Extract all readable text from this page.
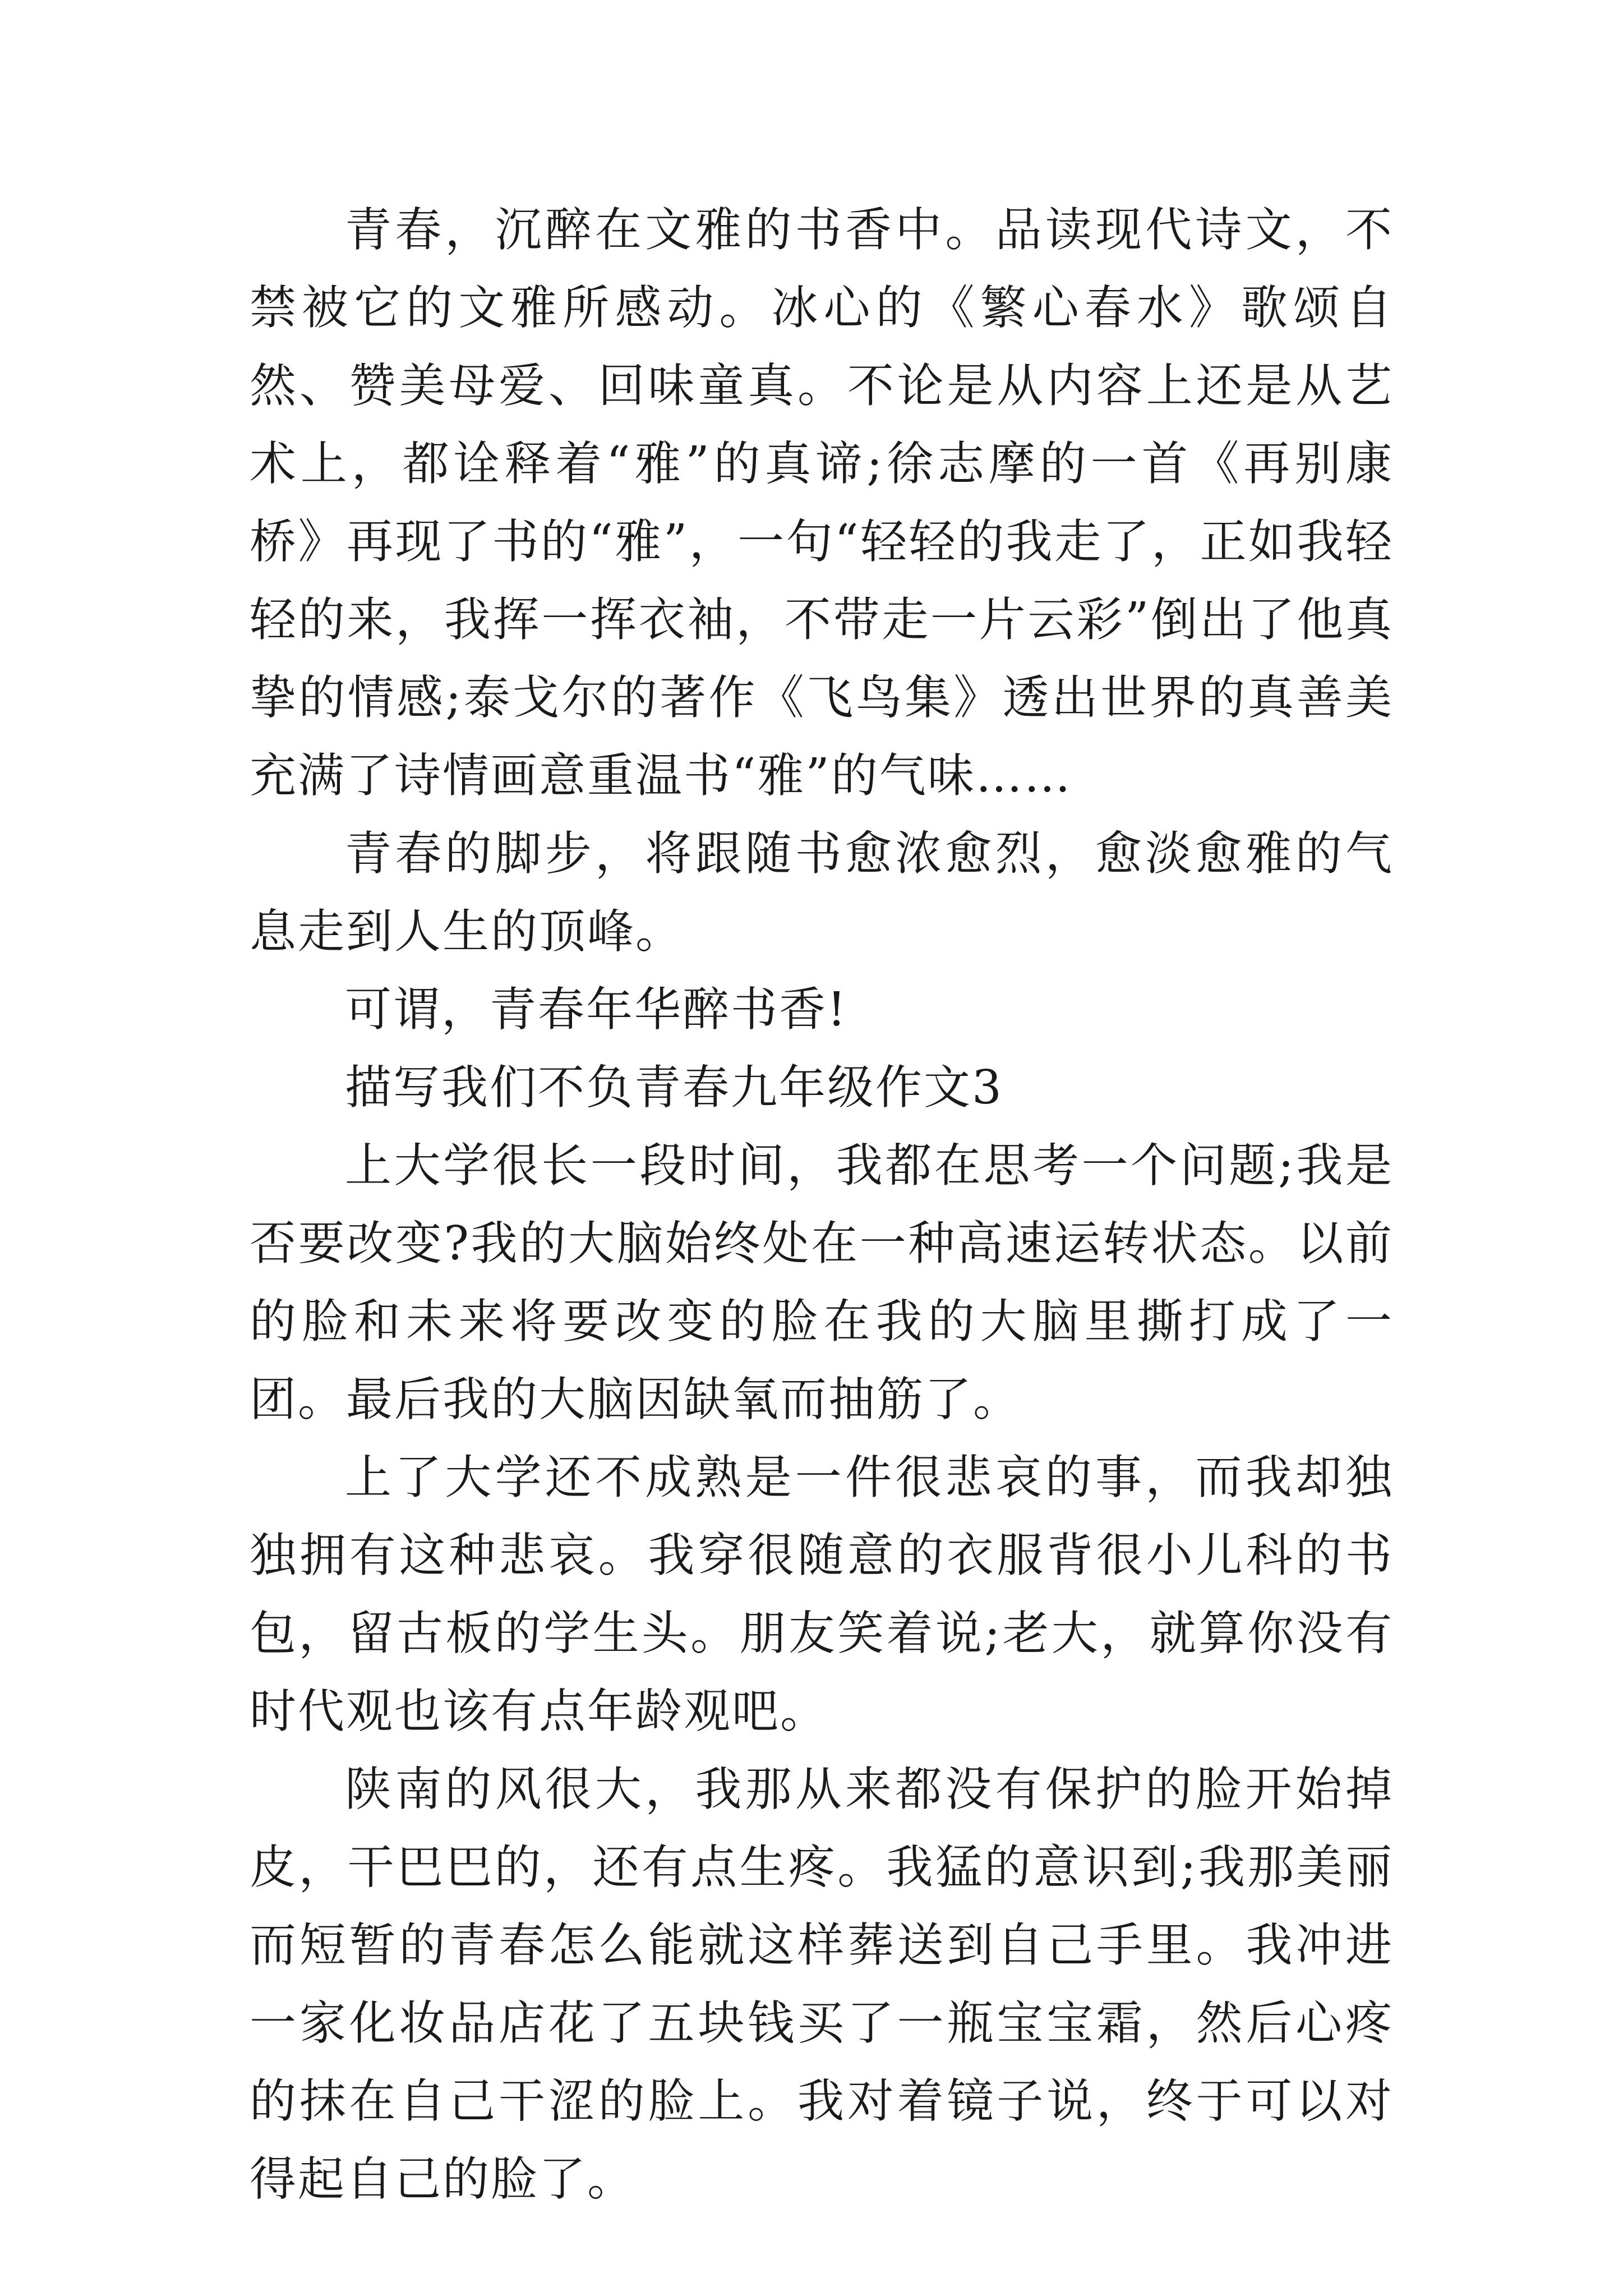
青春，沉醉在文雅的书香中。品读现代诗文，不禁被它的文雅所感动。冰心的《繁心春水》歌颂自然、赞美母爱、回味童真。不论是从内容上还是从艺术上，都诠释着“雅”的真谛;徐志摩的一首《再别康桥》再现了书的“雅”，一句“轻轻的我走了，正如我轻轻的来，我挥一挥衣袖，不带走一片云彩”倒出了他真挚的情感;泰戈尔的著作《飞鸟集》透出世界的真善美充满了诗情画意重温书“雅”的气味……

青春的脚步，将跟随书愈浓愈烈，愈淡愈雅的气息走到人生的顶峰。

可谓，青春年华醉书香!

描写我们不负青春九年级作文3

上大学很长一段时间，我都在思考一个问题;我是否要改变?我的大脑始终处在一种高速运转状态。以前的脸和未来将要改变的脸在我的大脑里撕打成了一团。最后我的大脑因缺氧而抽筋了。

上了大学还不成熟是一件很悲哀的事，而我却独独拥有这种悲哀。我穿很随意的衣服背很小儿科的书包，留古板的学生头。朋友笑着说;老大，就算你没有时代观也该有点年龄观吧。

陕南的风很大，我那从来都没有保护的脸开始掉皮，干巴巴的，还有点生疼。我猛的意识到;我那美丽而短暂的青春怎么能就这样葬送到自己手里。我冲进一家化妆品店花了五块钱买了一瓶宝宝霜，然后心疼的抹在自己干涩的脸上。我对着镜子说，终于可以对得起自己的脸了。
